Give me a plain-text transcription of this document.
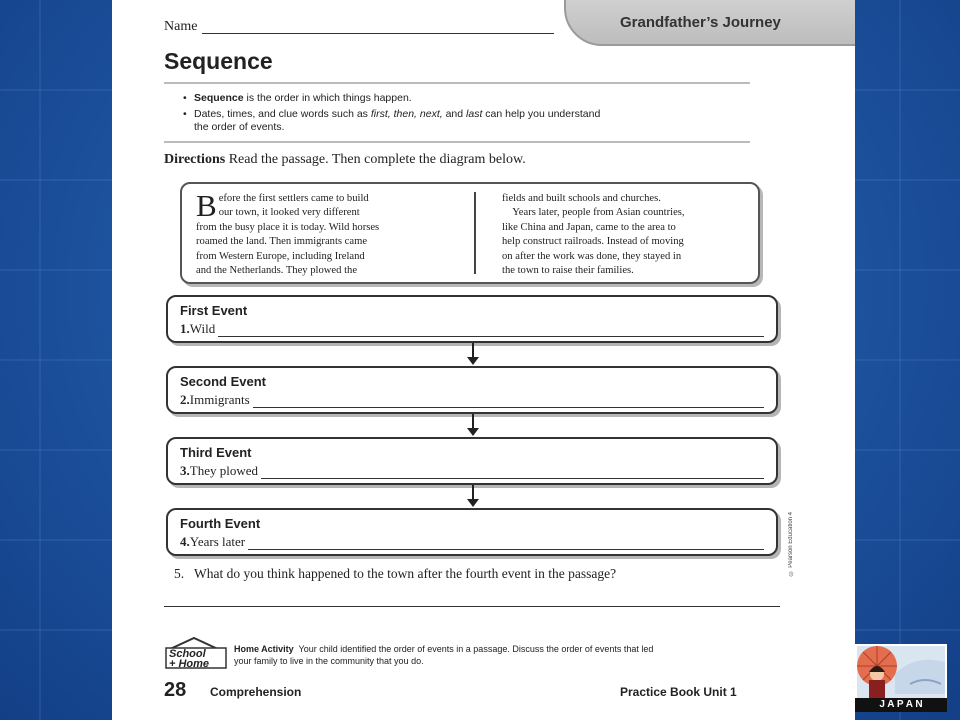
Grandfather’s Journey
Name
Sequence
• Sequence is the order in which things happen.
• Dates, times, and clue words such as first, then, next, and last can help you understand
the order of events.
Directions Read the passage. Then complete the diagram below.
B efore the first settlers came to build
our town, it looked very different
from the busy place it is today. Wild horses
roamed the land. Then immigrants came
from Western Europe, including Ireland
and the Netherlands. They plowed the
fields and built schools and churches.
Years later, people from Asian countries,
like China and Japan, came to the area to
help construct railroads. Instead of moving
on after the work was done, they stayed in
the town to raise their families.
First Event
1. Wild
Second Event
2. Immigrants
Third Event
3. They plowed
Fourth Event
4. Years later	© Pearson Education 4
5.   What do you think happened to the town after the fourth event in the passage?
School
+ Home
Home Activity  Your child identified the order of events in a passage. Discuss the order of events that led
your family to live in the community that you do.
28 Comprehension	Practice Book Unit 1
J A P A N
